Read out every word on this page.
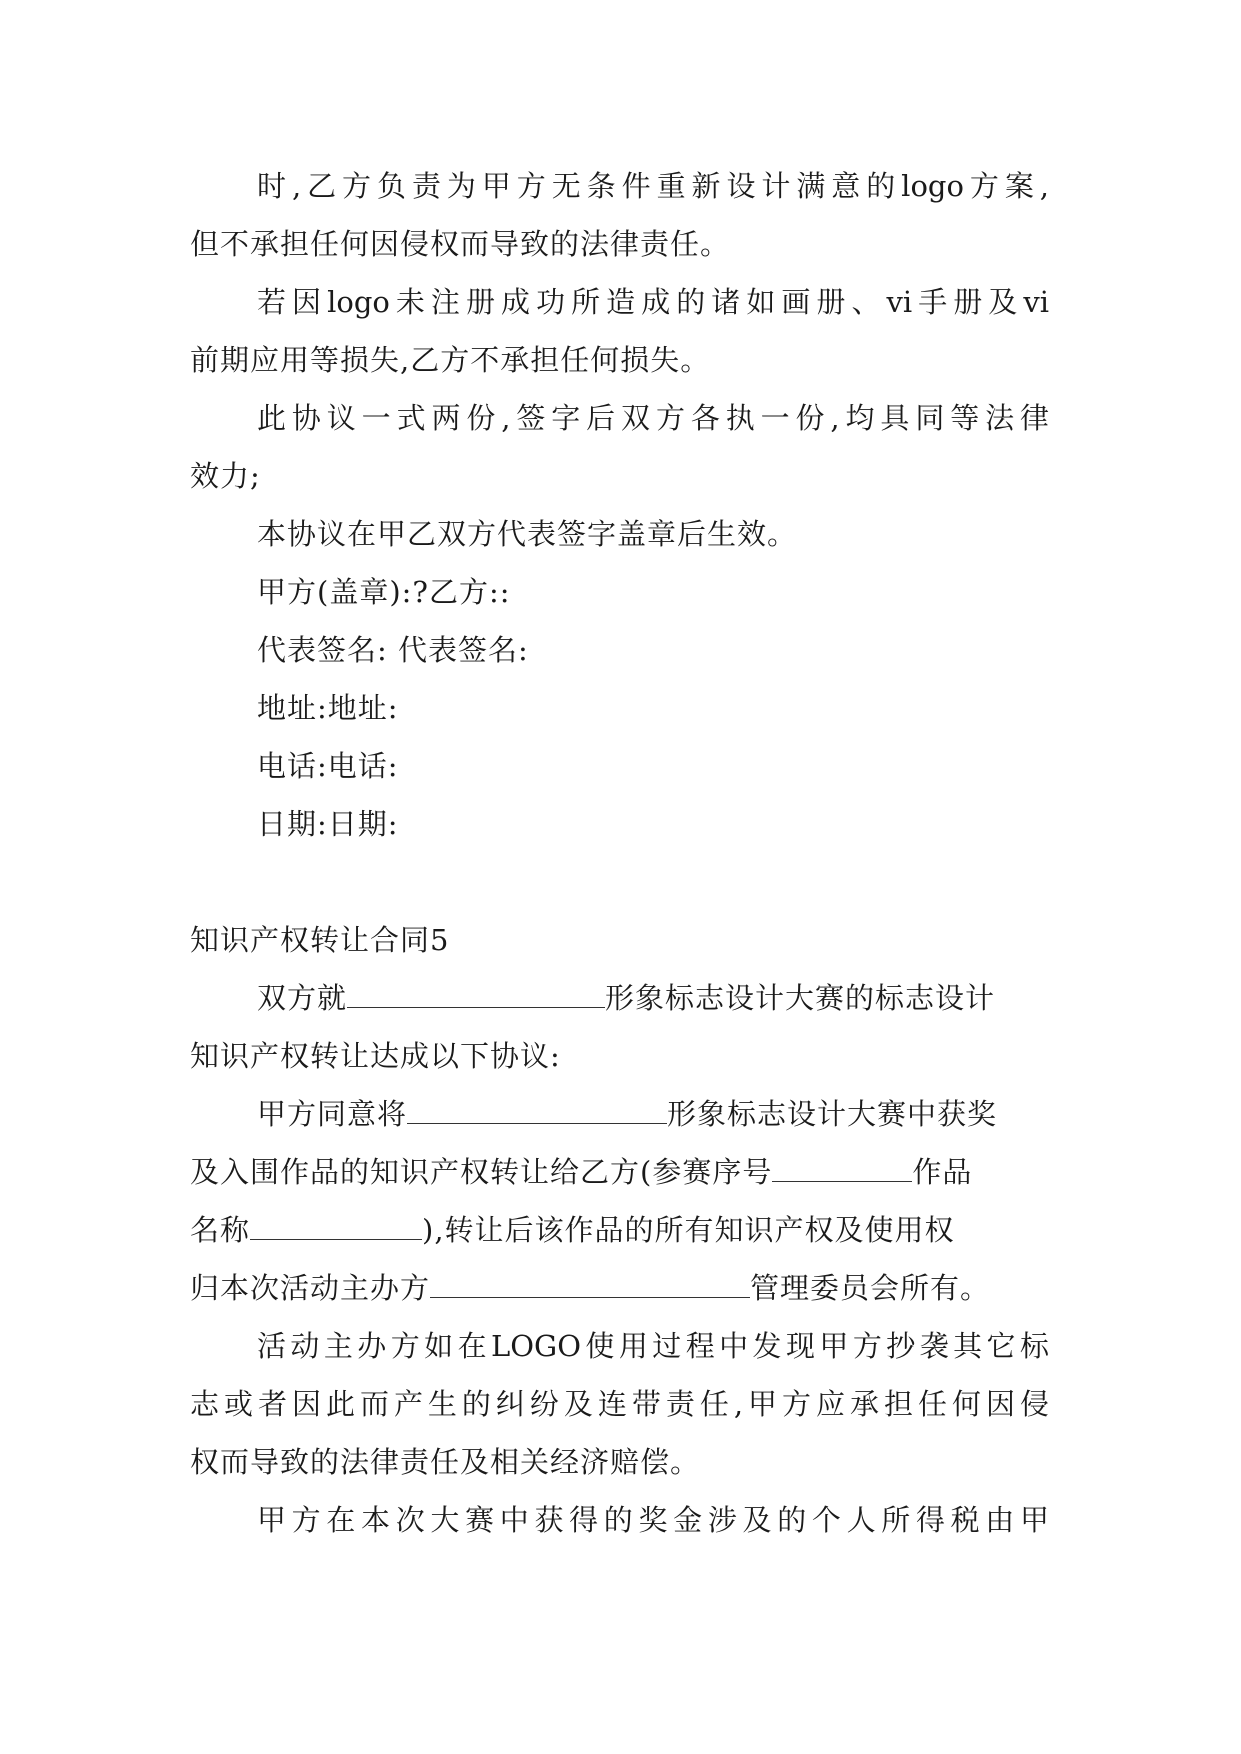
时,乙方负责为甲方无条件重新设计满意的logo方案,
但不承担任何因侵权而导致的法律责任。
若因logo未注册成功所造成的诸如画册、vi手册及vi
前期应用等损失,乙方不承担任何损失。
此协议一式两份,签字后双方各执一份,均具同等法律
效力;
本协议在甲乙双方代表签字盖章后生效。
甲方(盖章):?乙方::
代表签名: 代表签名:
地址:地址:
电话:电话:
日期:日期:
知识产权转让合同5
双方就	形象标志设计大赛的标志设计
知识产权转让达成以下协议:
甲方同意将	形象标志设计大赛中获奖
及入围作品的知识产权转让给乙方(参赛序号	作品
名称	),转让后该作品的所有知识产权及使用权
归本次活动主办方	管理委员会所有。
活动主办方如在LOGO使用过程中发现甲方抄袭其它标
志或者因此而产生的纠纷及连带责任,甲方应承担任何因侵
权而导致的法律责任及相关经济赔偿。
甲方在本次大赛中获得的奖金涉及的个人所得税由甲
